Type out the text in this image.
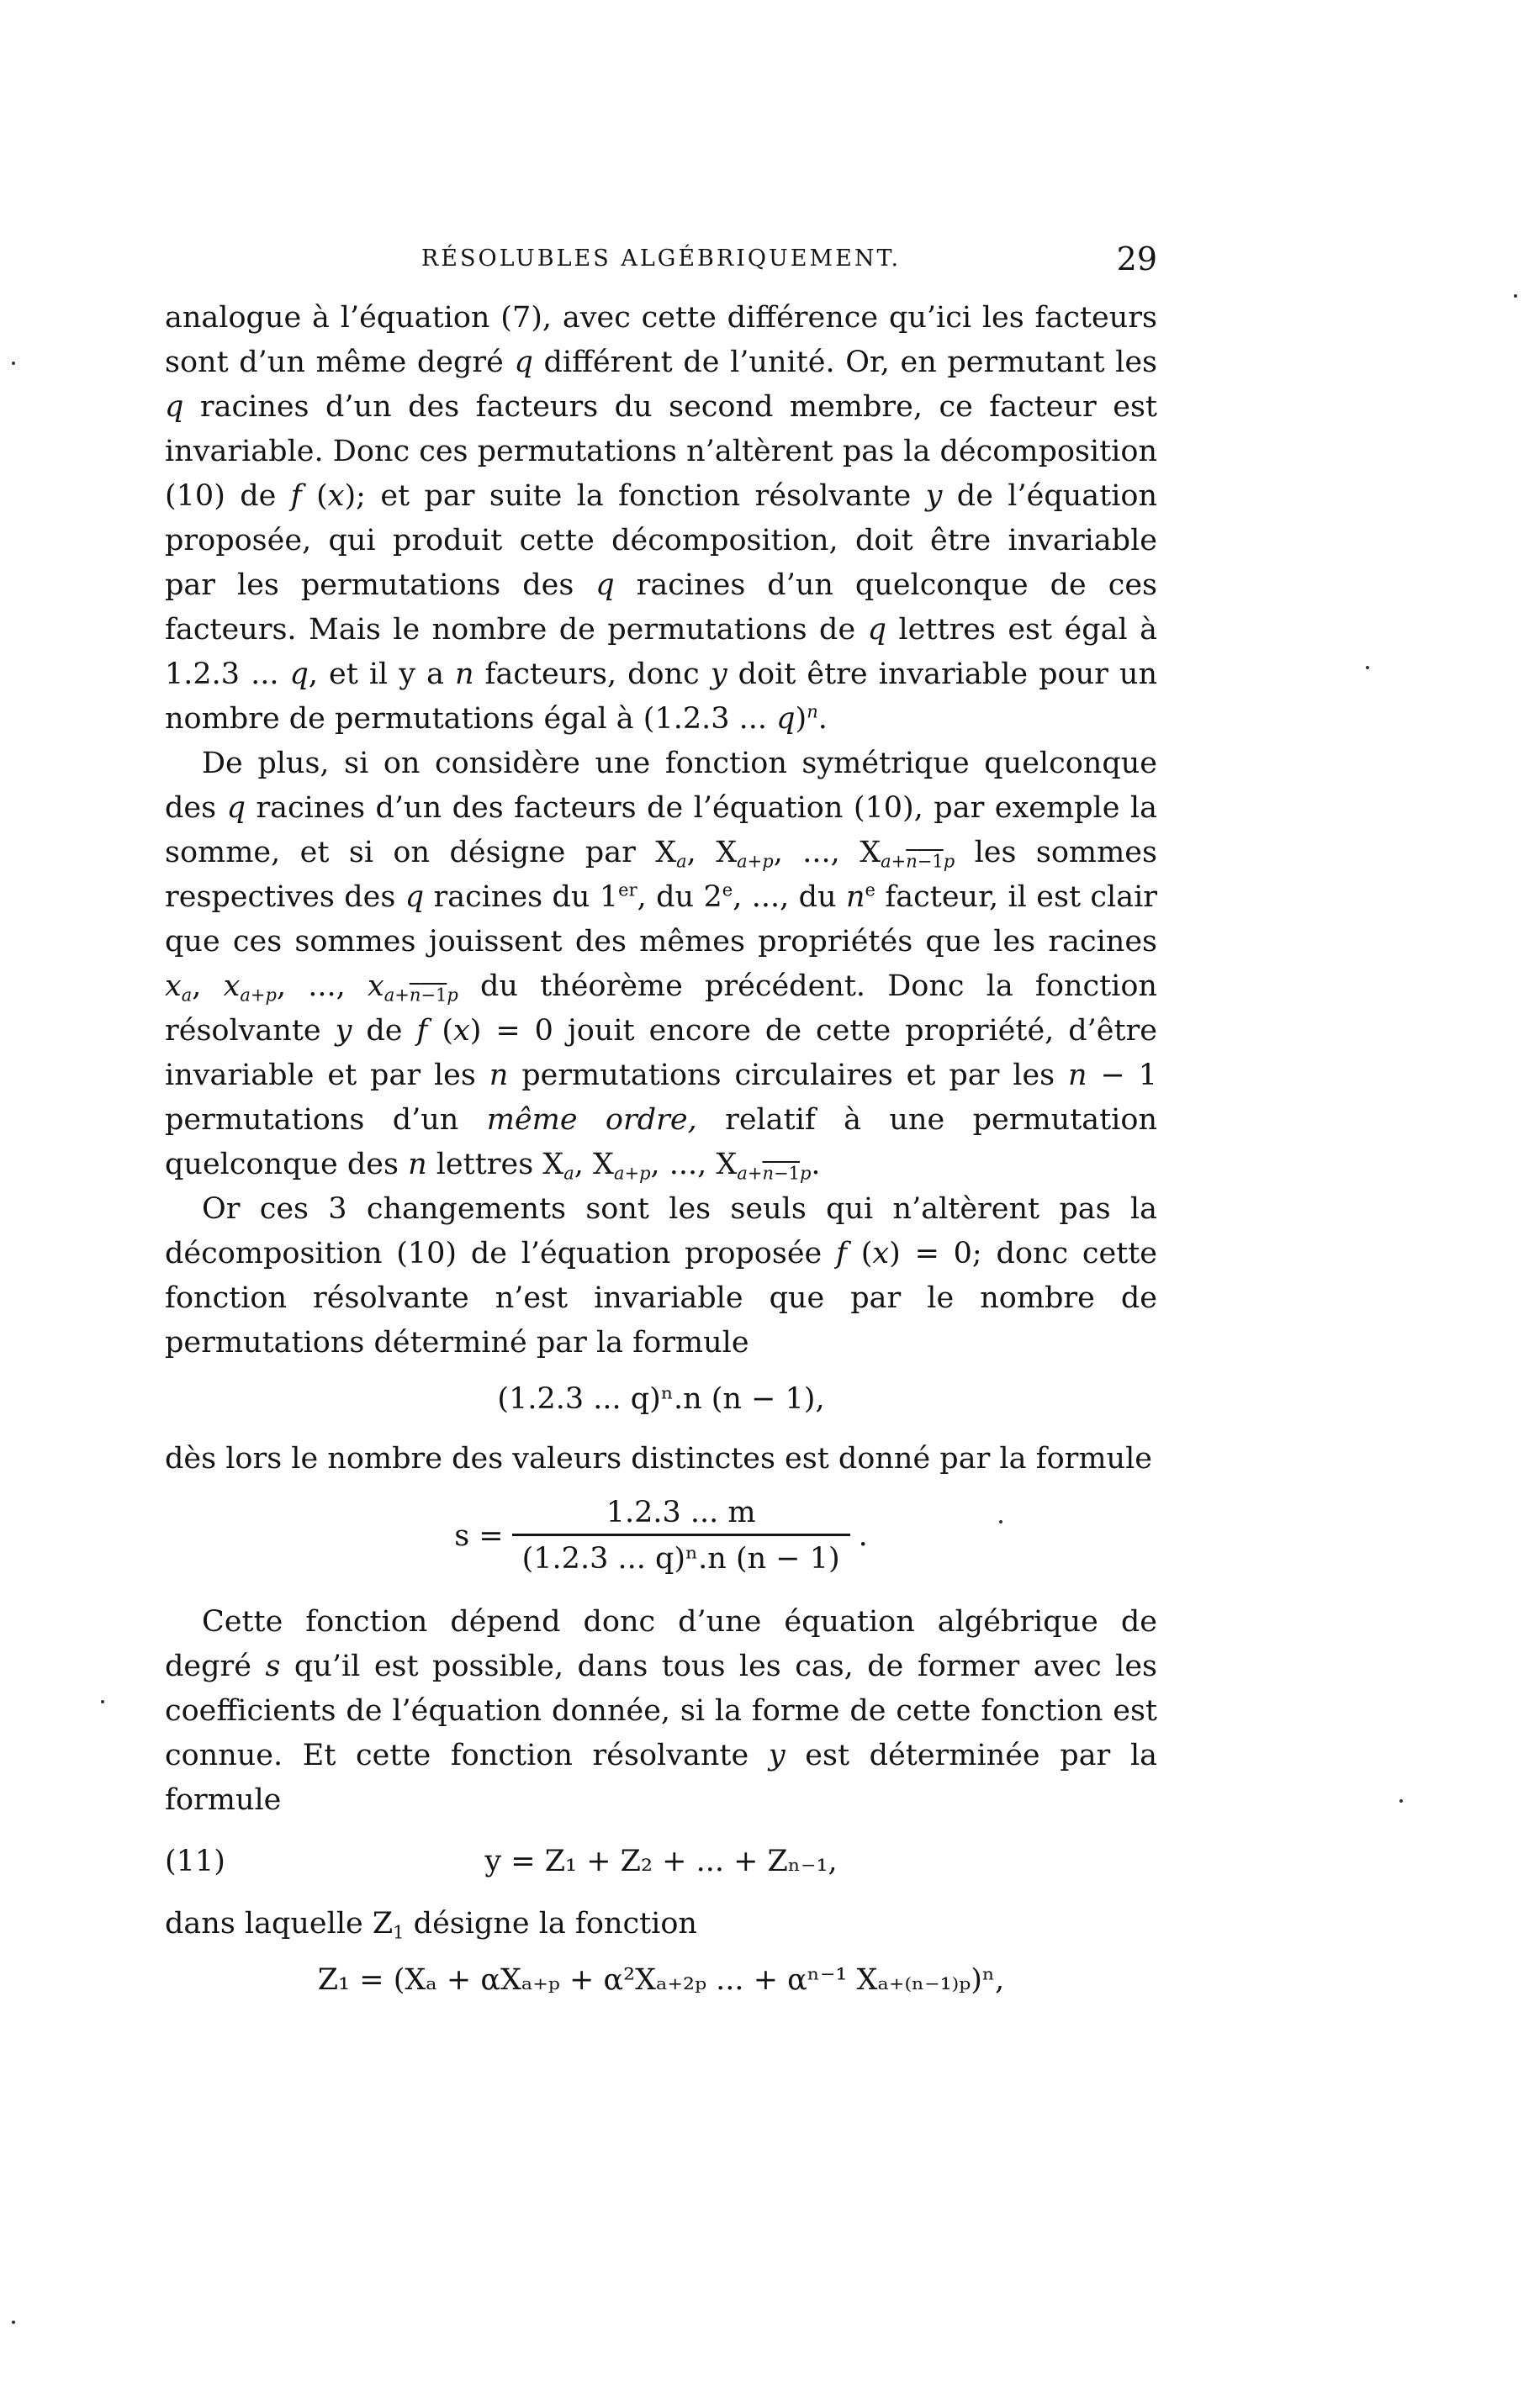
RÉSOLUBLES ALGÉBRIQUEMENT.	29

analogue à l’équation (7), avec cette différence qu’ici les facteurs sont d’un même degré q différent de l’unité. Or, en permutant les q racines d’un des facteurs du second membre, ce facteur est invariable. Donc ces permutations n’altèrent pas la décomposition (10) de f (x); et par suite la fonction résolvante y de l’équation proposée, qui produit cette décomposition, doit être invariable par les permutations des q racines d’un quelconque de ces facteurs. Mais le nombre de permutations de q lettres est égal à 1.2.3 ... q, et il y a n facteurs, donc y doit être invariable pour un nombre de permutations égal à (1.2.3 ... q)$^n$.

De plus, si on considère une fonction symétrique quelconque des q racines d’un des facteurs de l’équation (10), par exemple la somme, et si on désigne par $X_a$, $X_{a+p}$, ..., $X_{a+n-1p}$ les sommes respectives des q racines du 1er, du 2e, ..., du $n^e$ facteur, il est clair que ces sommes jouissent des mêmes propriétés que les racines $x_a$, $x_{a+p}$, ..., $x_{a+n-1p}$ du théorème précédent. Donc la fonction résolvante y de f (x) = 0 jouit encore de cette propriété, d’être invariable et par les n permutations circulaires et par les n − 1 permutations d’un même ordre, relatif à une permutation quelconque des n lettres $X_a$, $X_{a+p}$, ..., $X_{a+n-1p}$.

Or ces 3 changements sont les seuls qui n’altèrent pas la décomposition (10) de l’équation proposée f (x) = 0; donc cette fonction résolvante n’est invariable que par le nombre de permutations déterminé par la formule

(1.2.3 ... q)ⁿ.n (n − 1),

dès lors le nombre des valeurs distinctes est donné par la formule

$s = \frac{1.2.3 ... m}{\text{(1.2.3 ... q)ⁿ.n (n − 1)}}$ .

Cette fonction dépend donc d’une équation algébrique de degré s qu’il est possible, dans tous les cas, de former avec les coefficients de l’équation donnée, si la forme de cette fonction est connue. Et cette fonction résolvante y est déterminée par la formule

(11)	y = Z₁ + Z₂ + ... + Zₙ₋₁,

dans laquelle $Z_1$ désigne la fonction

Z₁ = (Xₐ + αXₐ₊ₚ + α²Xₐ₊₂ₚ ... + αⁿ⁻¹ Xₐ₊₍ₙ₋₁₎ₚ)ⁿ,
